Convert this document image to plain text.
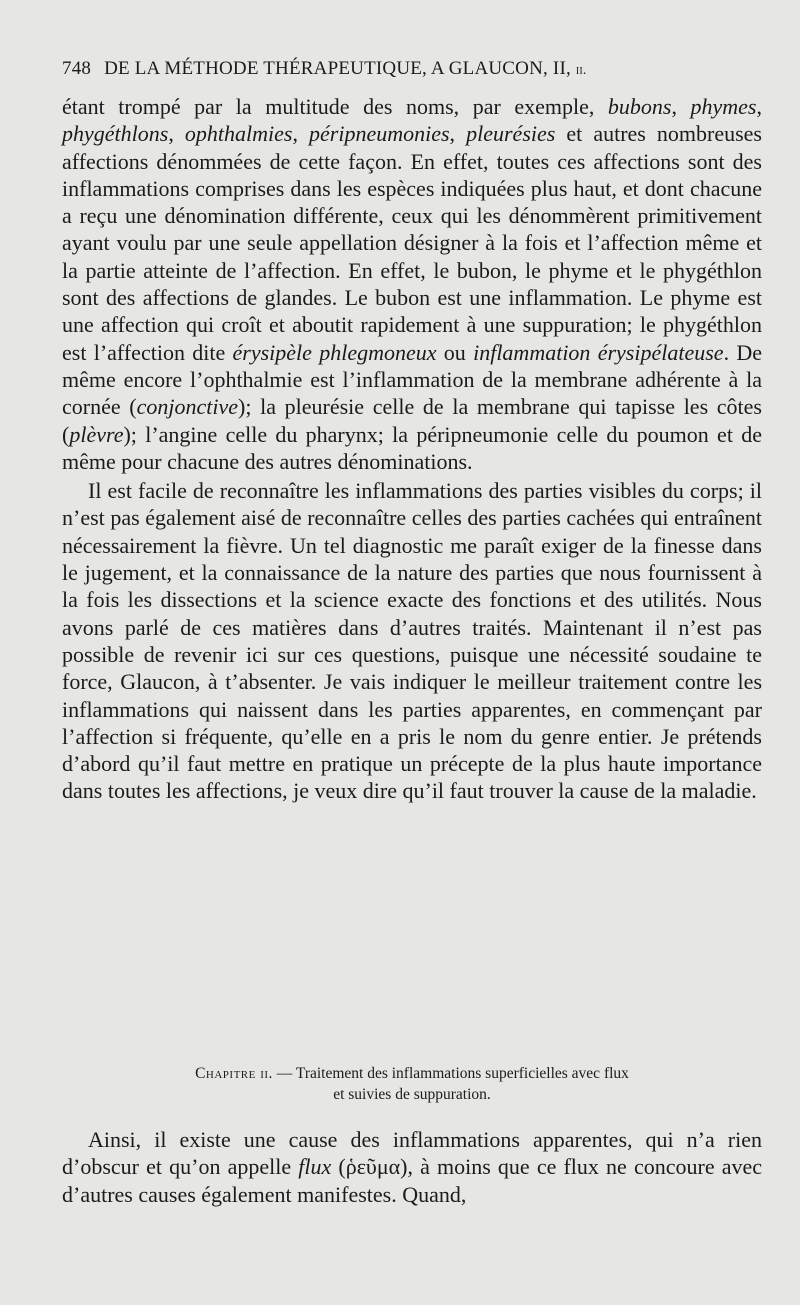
748 DE LA MÉTHODE THÉRAPEUTIQUE, A GLAUCON, II, ii.

étant trompé par la multitude des noms, par exemple, bubons, phymes, phygéthlons, ophthalmies, péripneumonies, pleurésies et autres nombreuses affections dénommées de cette façon. En effet, toutes ces affections sont des inflammations comprises dans les espèces indiquées plus haut, et dont chacune a reçu une dénomination différente, ceux qui les dénommèrent primitivement ayant voulu par une seule appellation désigner à la fois et l’affection même et la partie atteinte de l’affection. En effet, le bubon, le phyme et le phygéthlon sont des affections de glandes. Le bubon est une inflammation. Le phyme est une affection qui croît et aboutit rapidement à une suppuration; le phygéthlon est l’affection dite érysipèle phlegmoneux ou inflammation érysipélateuse. De même encore l’ophthalmie est l’inflammation de la membrane adhérente à la cornée (conjonctive); la pleurésie celle de la membrane qui tapisse les côtes (plèvre); l’angine celle du pharynx; la péripneumonie celle du poumon et de même pour chacune des autres dénominations.

Il est facile de reconnaître les inflammations des parties visibles du corps; il n’est pas également aisé de reconnaître celles des parties cachées qui entraînent nécessairement la fièvre. Un tel diagnostic me paraît exiger de la finesse dans le jugement, et la connaissance de la nature des parties que nous fournissent à la fois les dissections et la science exacte des fonctions et des utilités. Nous avons parlé de ces matières dans d’autres traités. Maintenant il n’est pas possible de revenir ici sur ces questions, puisque une nécessité soudaine te force, Glaucon, à t’absenter. Je vais indiquer le meilleur traitement contre les inflammations qui naissent dans les parties apparentes, en commençant par l’affection si fréquente, qu’elle en a pris le nom du genre entier. Je prétends d’abord qu’il faut mettre en pratique un précepte de la plus haute importance dans toutes les affections, je veux dire qu’il faut trouver la cause de la maladie.

Chapitre ii. — Traitement des inflammations superficielles avec flux
et suivies de suppuration.

Ainsi, il existe une cause des inflammations apparentes, qui n’a rien d’obscur et qu’on appelle flux (ῥεῦμα), à moins que ce flux ne concoure avec d’autres causes également manifestes. Quand,
